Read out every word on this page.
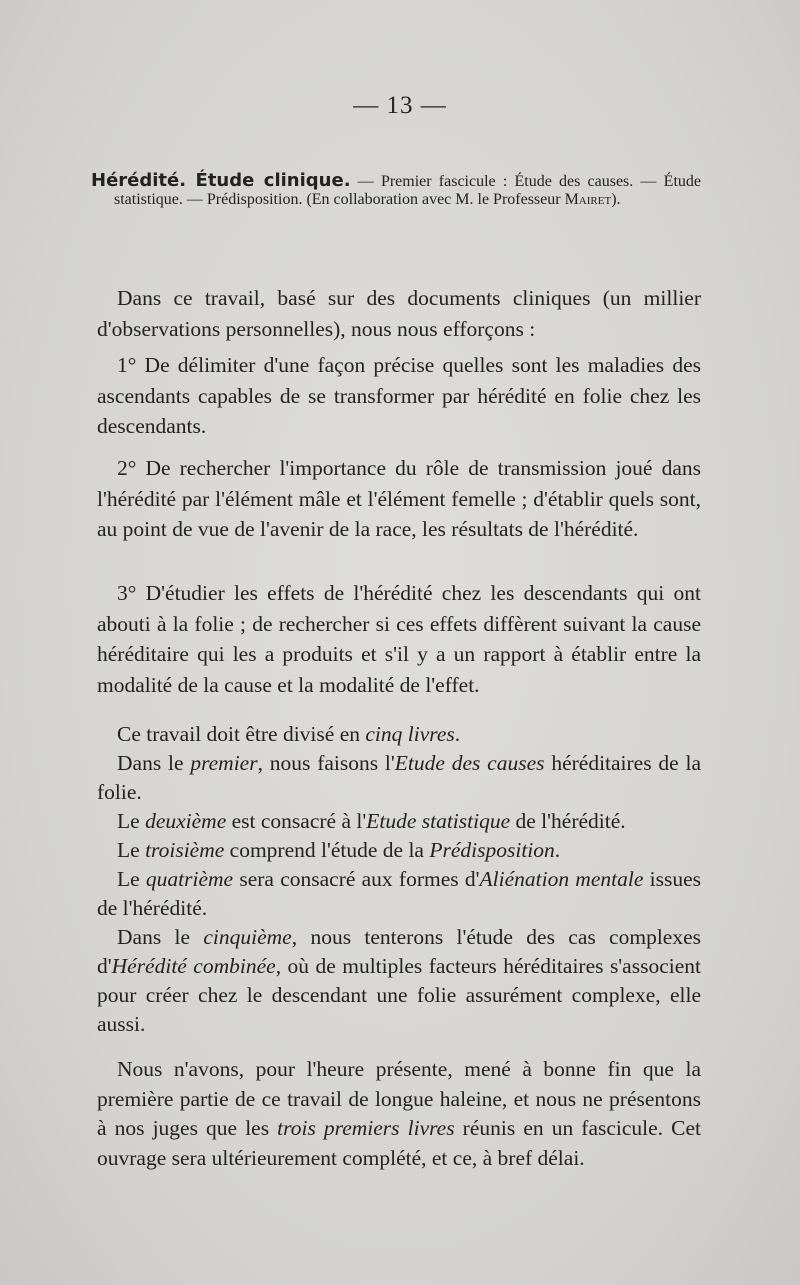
— 13 —

Hérédité. Étude clinique. — Premier fascicule : Étude des causes. — Étude statistique. — Prédisposition. (En collaboration avec M. le Professeur Mairet).

Dans ce travail, basé sur des documents cliniques (un millier d'observations personnelles), nous nous efforçons :

1° De délimiter d'une façon précise quelles sont les maladies des ascendants capables de se transformer par hérédité en folie chez les descendants.

2° De rechercher l'importance du rôle de transmission joué dans l'hérédité par l'élément mâle et l'élément femelle ; d'établir quels sont, au point de vue de l'avenir de la race, les résultats de l'hérédité.

3° D'étudier les effets de l'hérédité chez les descendants qui ont abouti à la folie ; de rechercher si ces effets diffèrent suivant la cause héréditaire qui les a produits et s'il y a un rapport à établir entre la modalité de la cause et la modalité de l'effet.

Ce travail doit être divisé en cinq livres.

Dans le premier, nous faisons l'Etude des causes héréditaires de la folie.

Le deuxième est consacré à l'Etude statistique de l'hérédité.

Le troisième comprend l'étude de la Prédisposition.

Le quatrième sera consacré aux formes d'Aliénation mentale issues de l'hérédité.

Dans le cinquième, nous tenterons l'étude des cas complexes d'Hérédité combinée, où de multiples facteurs héréditaires s'associent pour créer chez le descendant une folie assurément complexe, elle aussi.

Nous n'avons, pour l'heure présente, mené à bonne fin que la première partie de ce travail de longue haleine, et nous ne présentons à nos juges que les trois premiers livres réunis en un fascicule. Cet ouvrage sera ultérieurement complété, et ce, à bref délai.
